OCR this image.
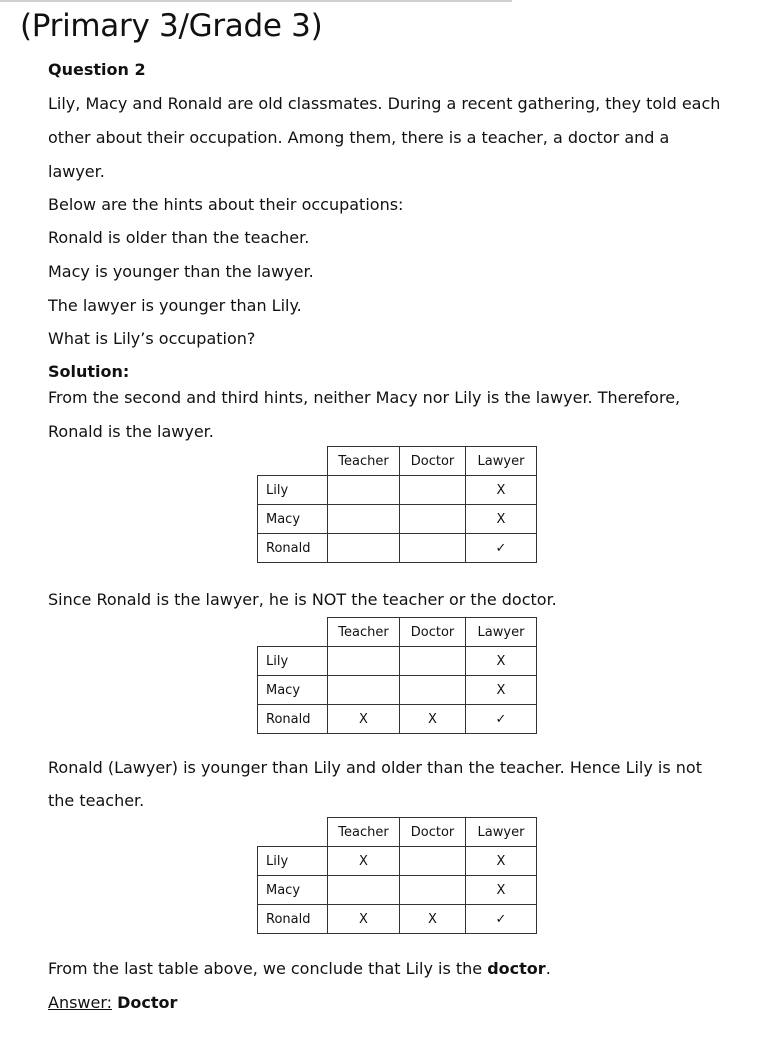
(Primary 3/Grade 3)
Question 2
Lily, Macy and Ronald are old classmates. During a recent gathering, they told each
other about their occupation. Among them, there is a teacher, a doctor and a
lawyer.
Below are the hints about their occupations:
Ronald is older than the teacher.
Macy is younger than the lawyer.
The lawyer is younger than Lily.
What is Lily’s occupation?
Solution:
From the second and third hints, neither Macy nor Lily is the lawyer. Therefore,
Ronald is the lawyer.
	Teacher	Doctor	Lawyer
Lily			X
Macy			X
Ronald			✓
Since Ronald is the lawyer, he is NOT the teacher or the doctor.
	Teacher	Doctor	Lawyer
Lily			X
Macy			X
Ronald	X	X	✓
Ronald (Lawyer) is younger than Lily and older than the teacher. Hence Lily is not
the teacher.
	Teacher	Doctor	Lawyer
Lily	X		X
Macy			X
Ronald	X	X	✓
From the last table above, we conclude that Lily is the doctor.
Answer: Doctor
